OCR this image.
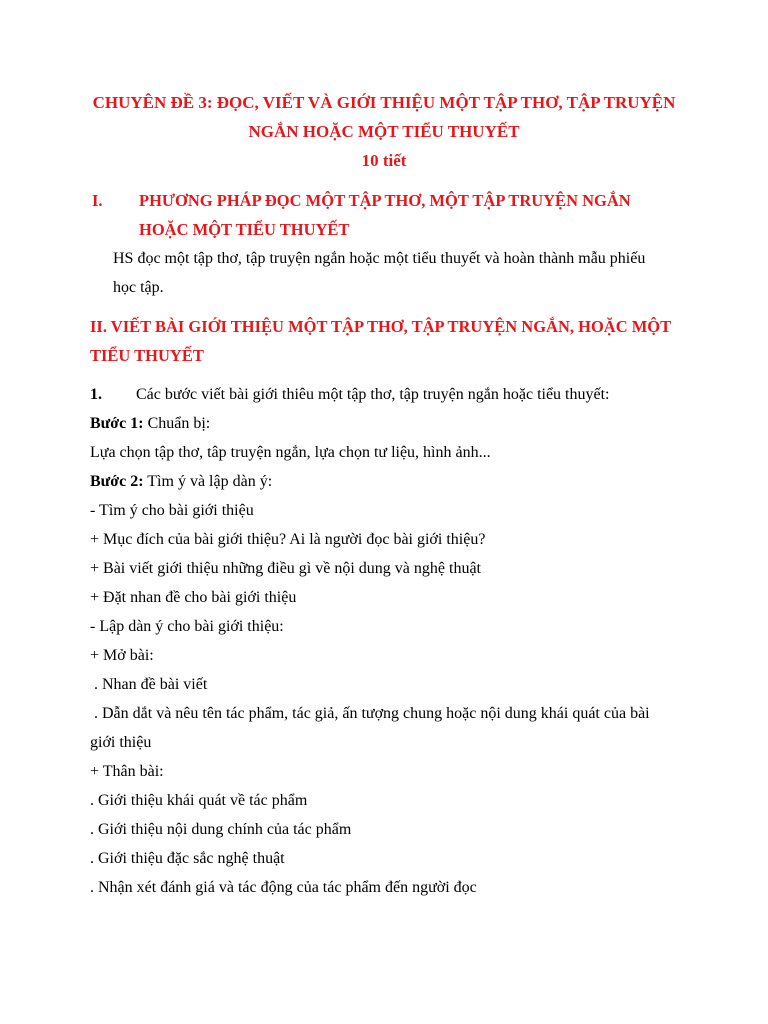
CHUYÊN ĐỀ 3: ĐỌC, VIẾT VÀ GIỚI THIỆU MỘT TẬP THƠ, TẬP TRUYỆN
NGẮN HOẶC MỘT TIỂU THUYẾT
10 tiết
I. PHƯƠNG PHÁP ĐỌC MỘT TẬP THƠ, MỘT TẬP TRUYỆN NGẮN
HOẶC MỘT TIỂU THUYẾT
HS đọc một tập thơ, tập truyện ngắn hoặc một tiểu thuyết và hoàn thành mẫu phiếu
học tập.
II. VIẾT BÀI GIỚI THIỆU MỘT TẬP THƠ, TẬP TRUYỆN NGẮN, HOẶC MỘT
TIỂU THUYẾT
1. Các bước viết bài giới thiêu một tập thơ, tập truyện ngắn hoặc tiểu thuyết:
Bước 1: Chuẩn bị:
Lựa chọn tập thơ, tâp truyện ngắn, lựa chọn tư liệu, hình ảnh...
Bước 2: Tìm ý và lập dàn ý:
- Tìm ý cho bài giới thiệu
+ Mục đích của bài giới thiệu? Ai là người đọc bài giới thiệu?
+ Bài viết giới thiệu những điều gì về nội dung và nghệ thuật
+ Đặt nhan đề cho bài giới thiệu
- Lập dàn ý cho bài giới thiệu:
+ Mở bài:
. Nhan đề bài viết
. Dẫn dắt và nêu tên tác phẩm, tác giả, ấn tượng chung hoặc nội dung khái quát của bài
giới thiệu
+ Thân bài:
. Giới thiệu khái quát về tác phẩm
. Giới thiệu nội dung chính của tác phẩm
. Giới thiệu đặc sắc nghệ thuật
. Nhận xét đánh giá và tác động của tác phẩm đến người đọc
